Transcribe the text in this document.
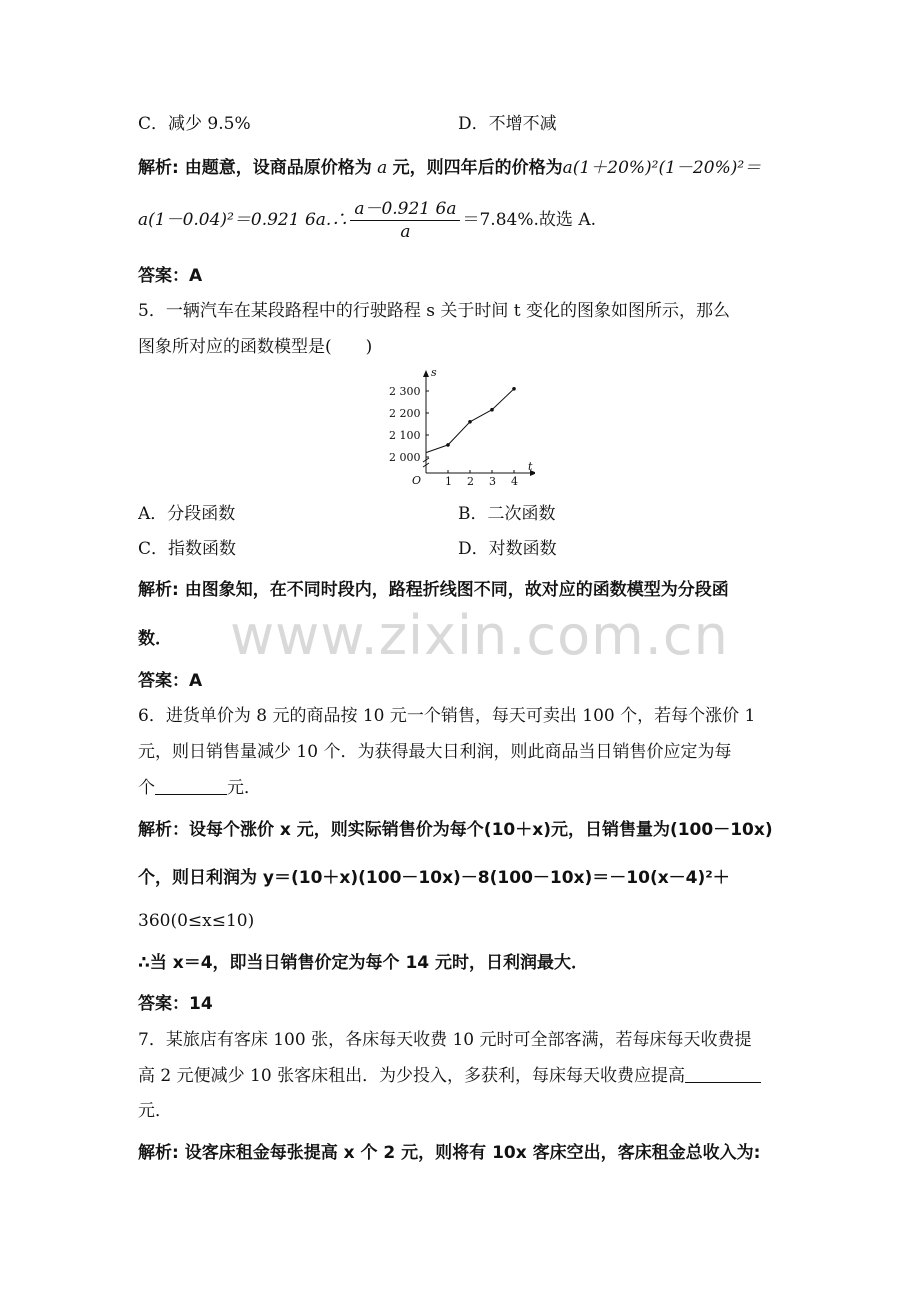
C．减少 9.5%	D．不增不减
解析: 由题意，设商品原价格为 a 元，则四年后的价格为a(1＋20%)²(1－20%)²＝
a(1－0.04)²＝0.921 6a.∴ $\frac{a-0.921 6a}{a} =7.84\%$.故选 A.
答案：A
5．一辆汽车在某段路程中的行驶路程 s 关于时间 t 变化的图象如图所示，那么
图象所对应的函数模型是(　　)
s
t
O 1 2 3 4
2 000
2 100
2 200
2 300
A．分段函数	B．二次函数
C．指数函数	D．对数函数
解析: 由图象知，在不同时段内，路程折线图不同，故对应的函数模型为分段函
数．
答案：A
6．进货单价为 8 元的商品按 10 元一个销售，每天可卖出 100 个，若每个涨价 1
元，则日销售量减少 10 个．为获得最大日利润，则此商品当日销售价应定为每
个	元．
解析：设每个涨价 x 元，则实际销售价为每个(10＋x)元，日销售量为(100－10x)
个，则日利润为 y＝(10＋x)(100－10x)－8(100－10x)＝－10(x－4)²＋
360(0≤x≤10)
∴当 x＝4，即当日销售价定为每个 14 元时，日利润最大．
答案：14
7．某旅店有客床 100 张，各床每天收费 10 元时可全部客满，若每床每天收费提
高 2 元便减少 10 张客床租出．为少投入，多获利，每床每天收费应提高
元．
解析: 设客床租金每张提高 x 个 2 元，则将有 10x 客床空出，客床租金总收入为:
www.zixin.com.cn
